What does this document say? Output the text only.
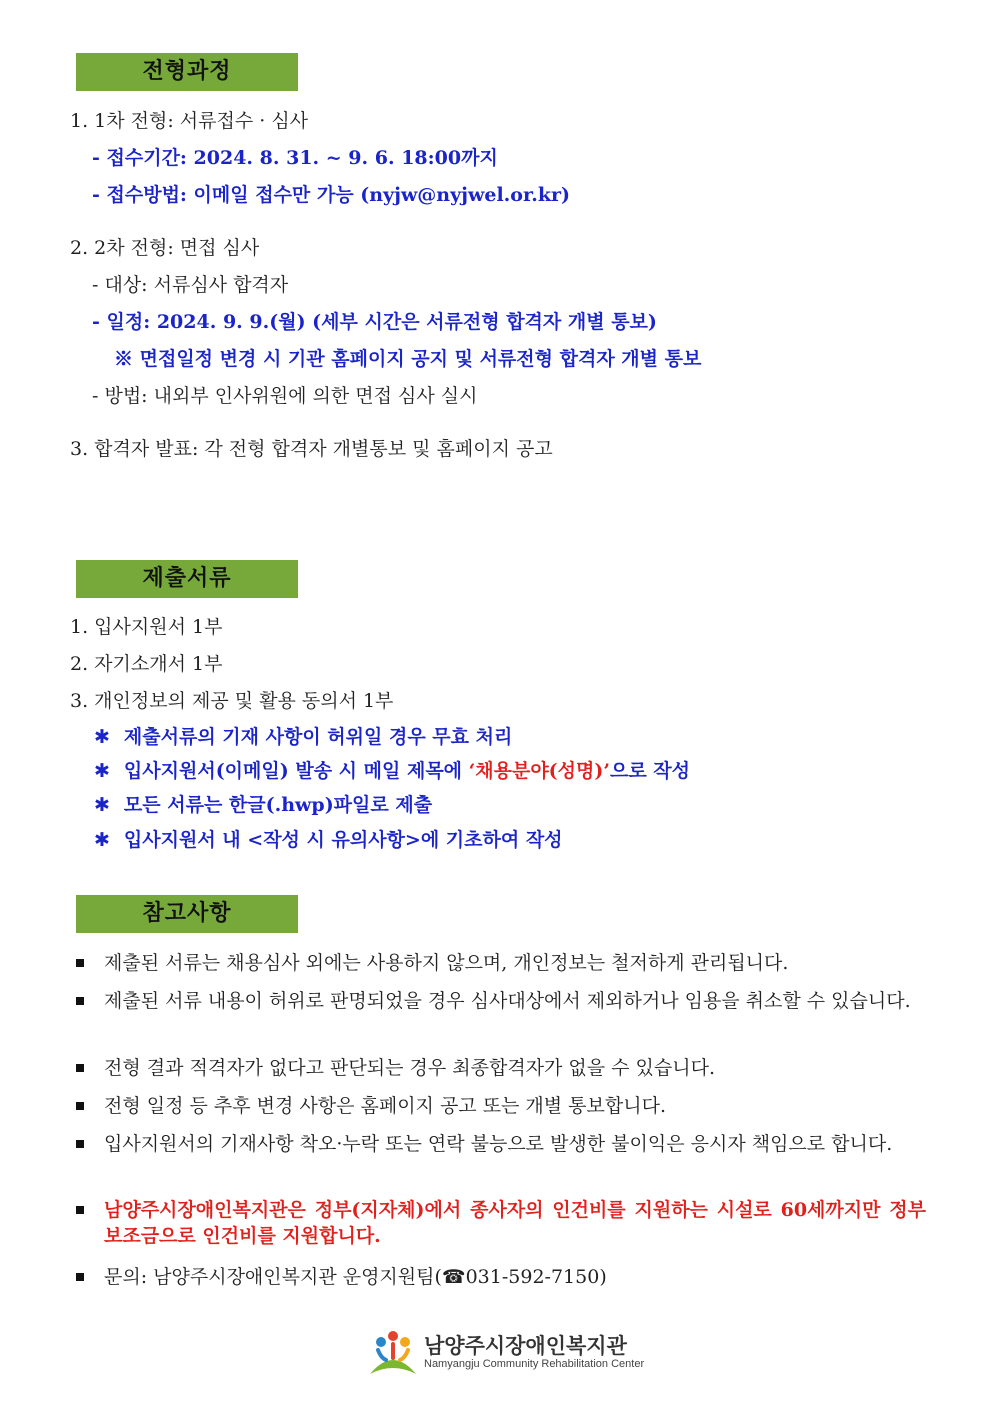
전형과정
1. 1차 전형: 서류접수 · 심사
- 접수기간: 2024. 8. 31. ~ 9. 6. 18:00까지
- 접수방법: 이메일 접수만 가능 (nyjw@nyjwel.or.kr)
2. 2차 전형: 면접 심사
- 대상: 서류심사 합격자
- 일정: 2024. 9. 9.(월) (세부 시간은 서류전형 합격자 개별 통보)
※ 면접일정 변경 시 기관 홈페이지 공지 및 서류전형 합격자 개별 통보
- 방법: 내외부 인사위원에 의한 면접 심사 실시
3. 합격자 발표: 각 전형 합격자 개별통보 및 홈페이지 공고
제출서류
1. 입사지원서 1부
2. 자기소개서 1부
3. 개인정보의 제공 및 활용 동의서 1부
✱ 제출서류의 기재 사항이 허위일 경우 무효 처리
✱ 입사지원서(이메일) 발송 시 메일 제목에 ‘채용분야(성명)’으로 작성
✱ 모든 서류는 한글(.hwp)파일로 제출
✱ 입사지원서 내 <작성 시 유의사항>에 기초하여 작성
참고사항
제출된 서류는 채용심사 외에는 사용하지 않으며, 개인정보는 철저하게 관리됩니다.
제출된 서류 내용이 허위로 판명되었을 경우 심사대상에서 제외하거나 임용을 취소할 수 있습니다.
전형 결과 적격자가 없다고 판단되는 경우 최종합격자가 없을 수 있습니다.
전형 일정 등 추후 변경 사항은 홈페이지 공고 또는 개별 통보합니다.
입사지원서의 기재사항 착오·누락 또는 연락 불능으로 발생한 불이익은 응시자 책임으로 합니다.
남양주시장애인복지관은 정부(지자체)에서 종사자의 인건비를 지원하는 시설로 60세까지만 정부 보조금으로 인건비를 지원합니다.
문의: 남양주시장애인복지관 운영지원팀(☎031-592-7150)
남양주시장애인복지관
Namyangju Community Rehabilitation Center
